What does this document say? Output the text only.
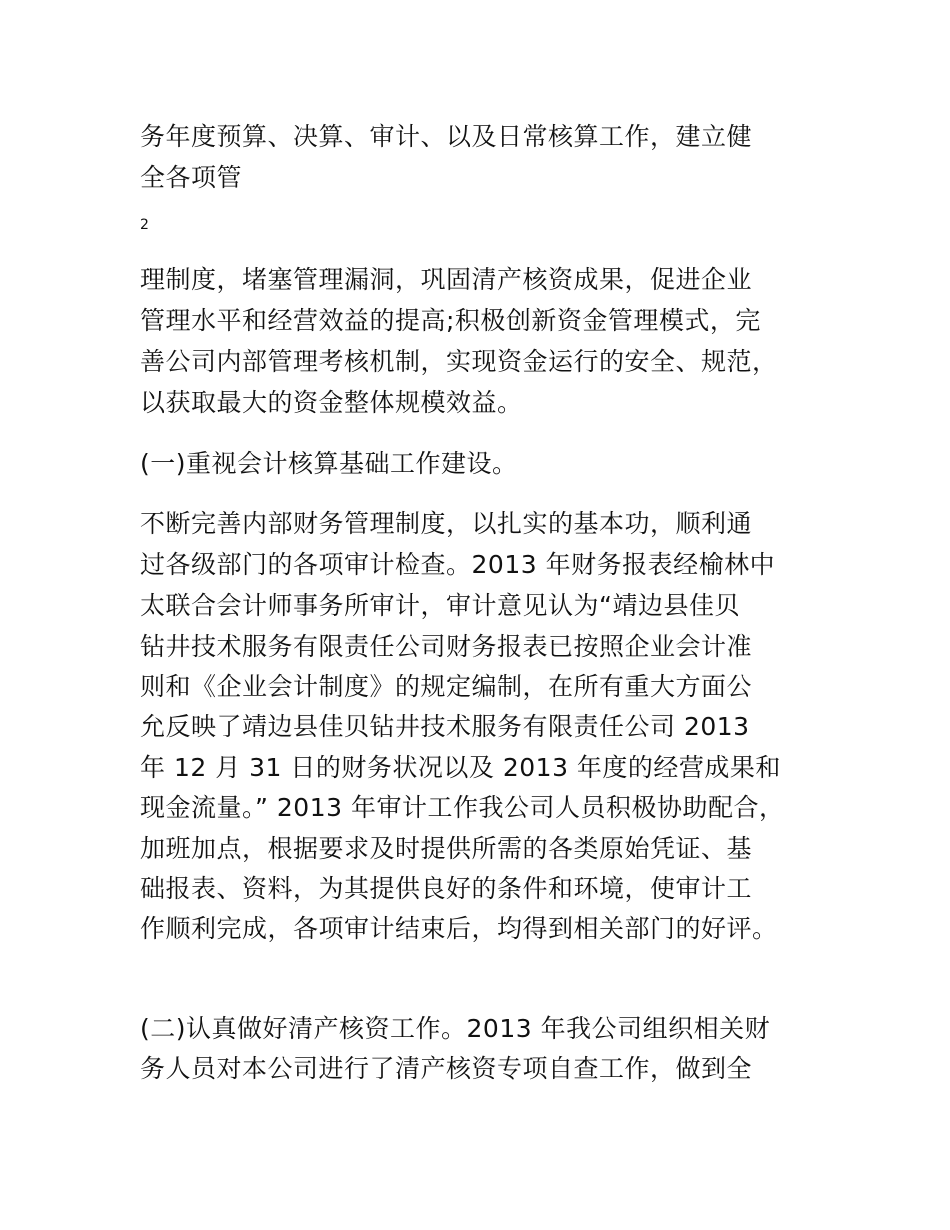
务年度预算、决算、审计、以及日常核算工作，建立健
全各项管
2
理制度，堵塞管理漏洞，巩固清产核资成果，促进企业
管理水平和经营效益的提高;积极创新资金管理模式，完
善公司内部管理考核机制，实现资金运行的安全、规范，
以获取最大的资金整体规模效益。
(一)重视会计核算基础工作建设。
不断完善内部财务管理制度，以扎实的基本功，顺利通
过各级部门的各项审计检查。2013 年财务报表经榆林中
太联合会计师事务所审计，审计意见认为“靖边县佳贝
钻井技术服务有限责任公司财务报表已按照企业会计准
则和《企业会计制度》的规定编制，在所有重大方面公
允反映了靖边县佳贝钻井技术服务有限责任公司 2013
年 12 月 31 日的财务状况以及 2013 年度的经营成果和
现金流量。” 2013 年审计工作我公司人员积极协助配合，
加班加点，根据要求及时提供所需的各类原始凭证、基
础报表、资料，为其提供良好的条件和环境，使审计工
作顺利完成，各项审计结束后，均得到相关部门的好评。
(二)认真做好清产核资工作。2013 年我公司组织相关财
务人员对本公司进行了清产核资专项自查工作，做到全
